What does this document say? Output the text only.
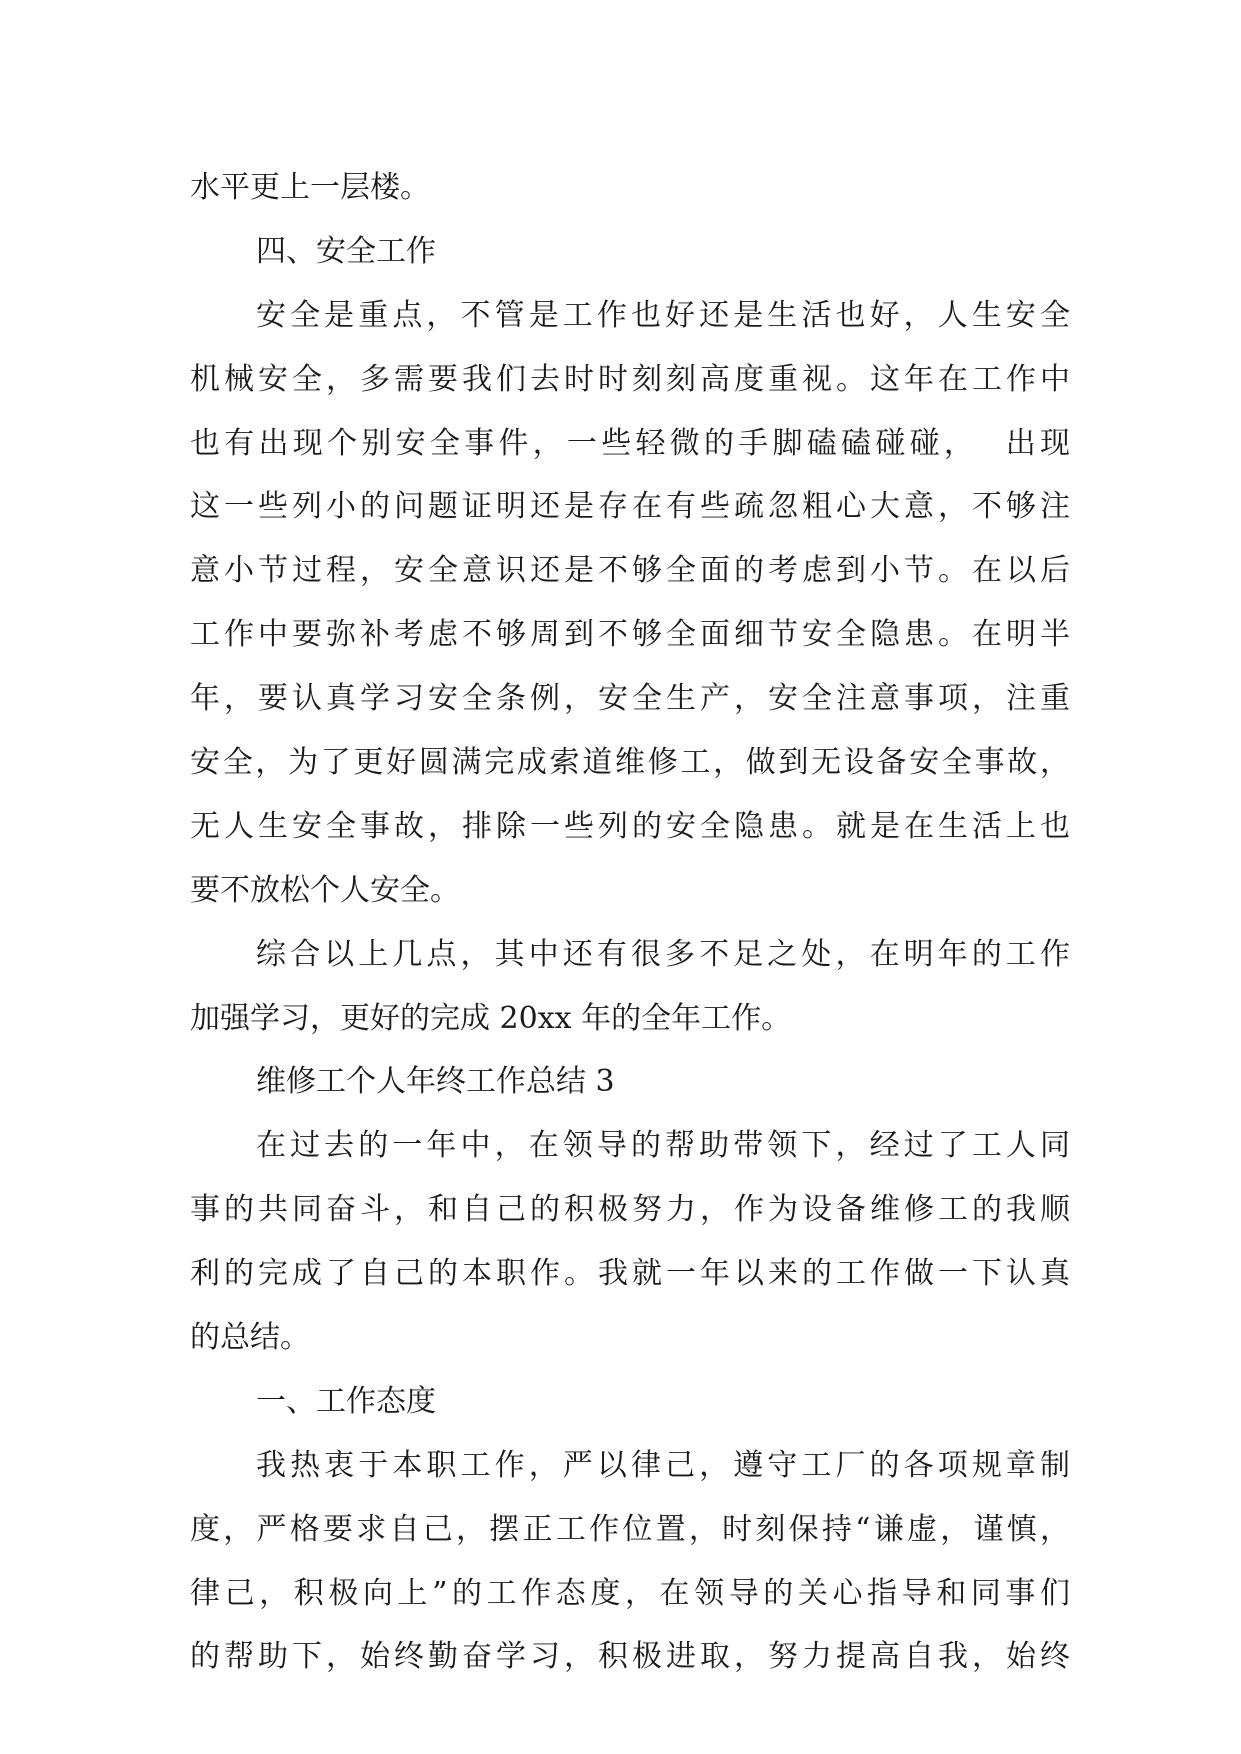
水平更上一层楼。
四、安全工作
安全是重点，不管是工作也好还是生活也好，人生安全
机械安全，多需要我们去时时刻刻高度重视。这年在工作中
也有出现个别安全事件，一些轻微的手脚磕磕碰碰，  出现
这一些列小的问题证明还是存在有些疏忽粗心大意，不够注
意小节过程，安全意识还是不够全面的考虑到小节。在以后
工作中要弥补考虑不够周到不够全面细节安全隐患。在明半
年，要认真学习安全条例，安全生产，安全注意事项，注重
安全，为了更好圆满完成索道维修工，做到无设备安全事故，
无人生安全事故，排除一些列的安全隐患。就是在生活上也
要不放松个人安全。
综合以上几点，其中还有很多不足之处，在明年的工作
加强学习，更好的完成 20xx 年的全年工作。
维修工个人年终工作总结 3
在过去的一年中，在领导的帮助带领下，经过了工人同
事的共同奋斗，和自己的积极努力，作为设备维修工的我顺
利的完成了自己的本职作。我就一年以来的工作做一下认真
的总结。
一、工作态度
我热衷于本职工作，严以律己，遵守工厂的各项规章制
度，严格要求自己，摆正工作位置，时刻保持“谦虚，谨慎，
律己，积极向上”的工作态度，在领导的关心指导和同事们
的帮助下，始终勤奋学习，积极进取，努力提高自我，始终
